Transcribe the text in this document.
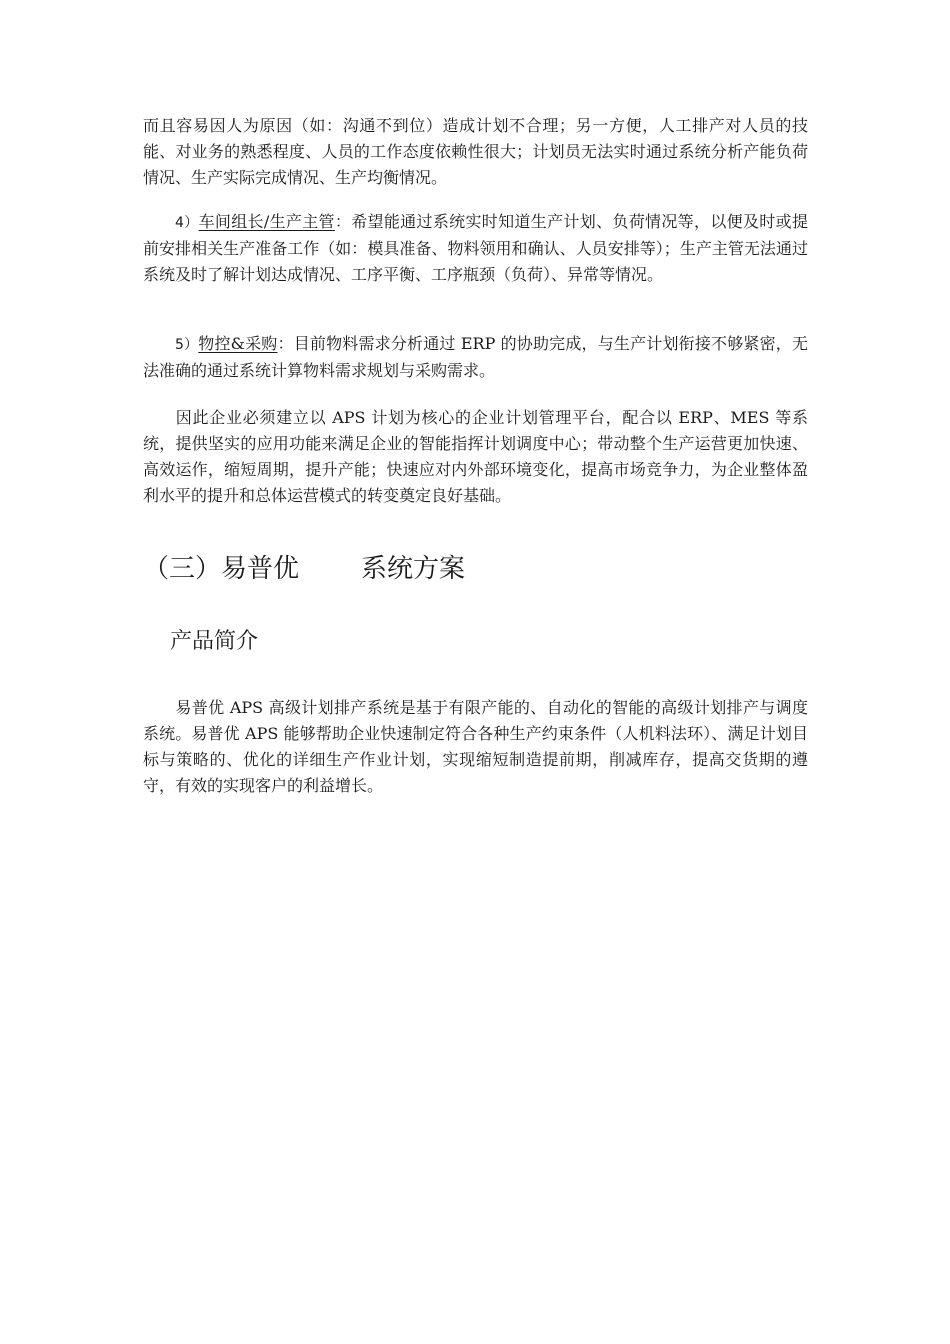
而且容易因人为原因（如：沟通不到位）造成计划不合理；另一方便，人工排产对人员的技能、对业务的熟悉程度、人员的工作态度依赖性很大；计划员无法实时通过系统分析产能负荷情况、生产实际完成情况、生产均衡情况。

4）车间组长/生产主管：希望能通过系统实时知道生产计划、负荷情况等，以便及时或提前安排相关生产准备工作（如：模具准备、物料领用和确认、人员安排等）；生产主管无法通过系统及时了解计划达成情况、工序平衡、工序瓶颈（负荷）、异常等情况。

5）物控&采购：目前物料需求分析通过 ERP 的协助完成，与生产计划衔接不够紧密，无法准确的通过系统计算物料需求规划与采购需求。

因此企业必须建立以 APS 计划为核心的企业计划管理平台，配合以 ERP、MES 等系统，提供坚实的应用功能来满足企业的智能指挥计划调度中心；带动整个生产运营更加快速、高效运作，缩短周期，提升产能；快速应对内外部环境变化，提高市场竞争力，为企业整体盈利水平的提升和总体运营模式的转变奠定良好基础。

（三）易普优 系统方案
产品简介

易普优 APS 高级计划排产系统是基于有限产能的、自动化的智能的高级计划排产与调度系统。易普优 APS 能够帮助企业快速制定符合各种生产约束条件（人机料法环）、满足计划目标与策略的、优化的详细生产作业计划，实现缩短制造提前期，削减库存，提高交货期的遵守，有效的实现客户的利益增长。
